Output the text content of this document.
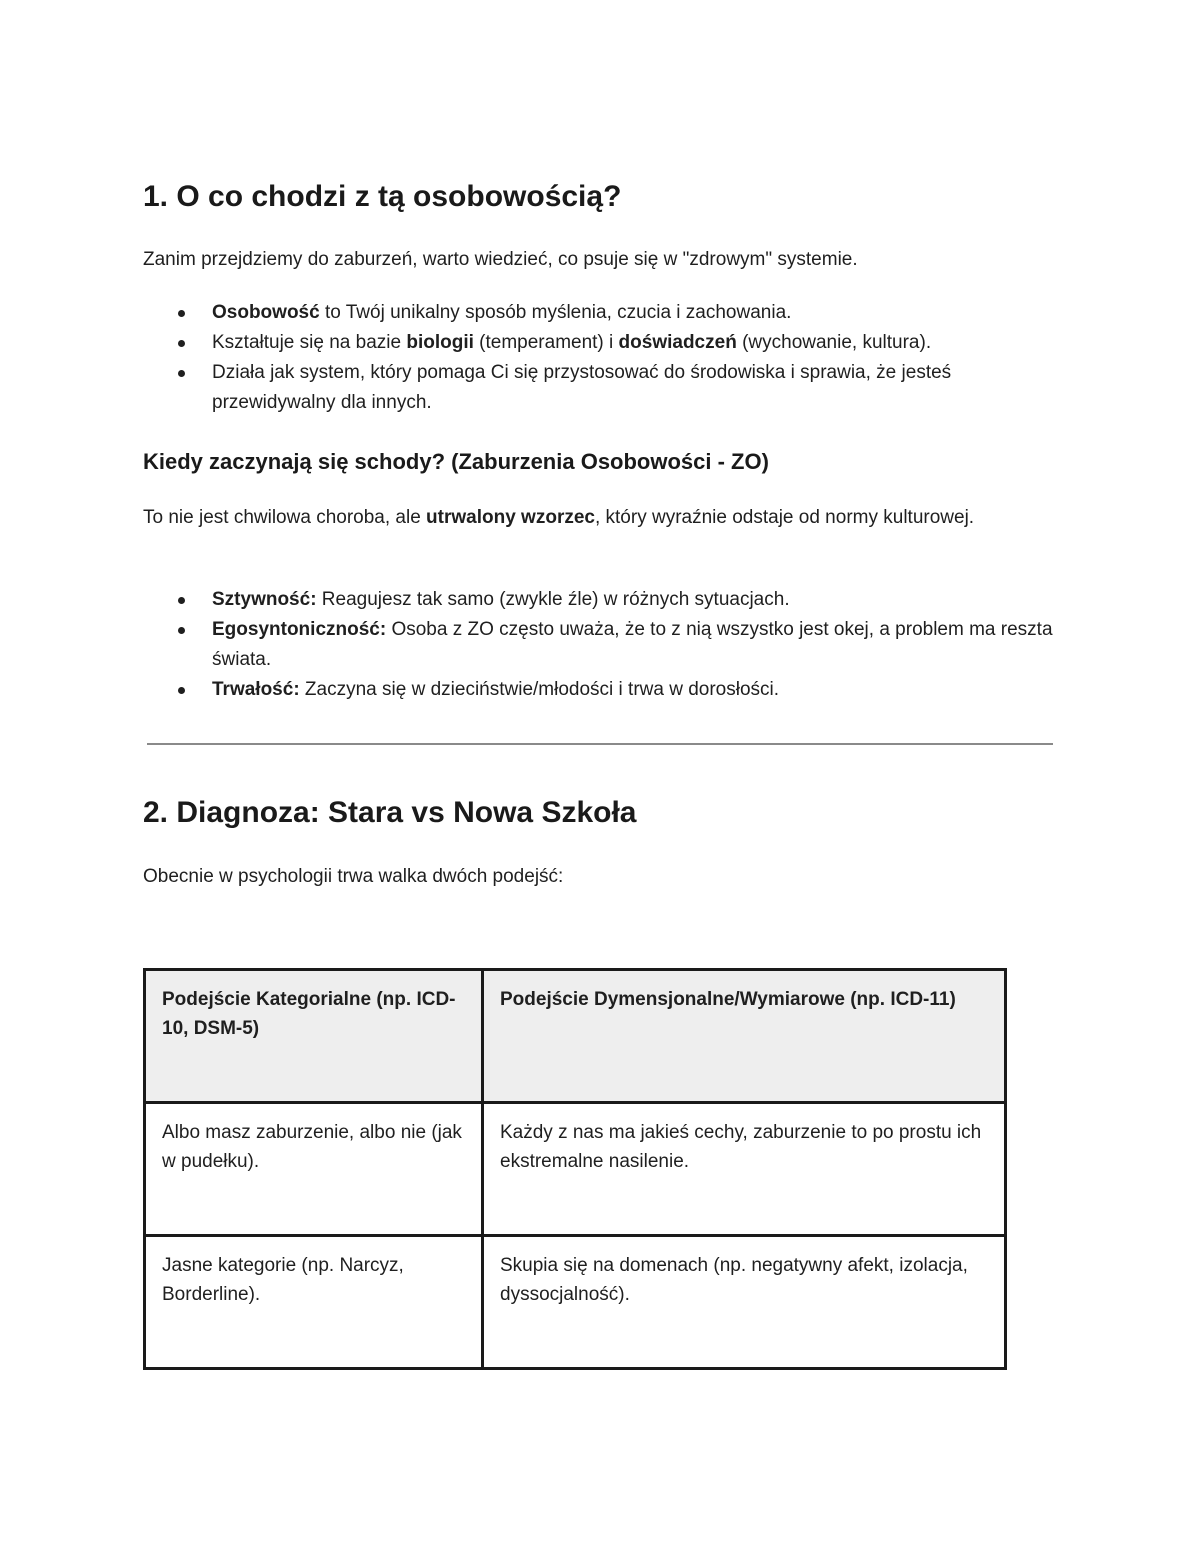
1. O co chodzi z tą osobowością?

Zanim przejdziemy do zaburzeń, warto wiedzieć, co psuje się w "zdrowym" systemie.

Osobowość to Twój unikalny sposób myślenia, czucia i zachowania.
Kształtuje się na bazie biologii (temperament) i doświadczeń (wychowanie, kultura).
Działa jak system, który pomaga Ci się przystosować do środowiska i sprawia, że jesteś przewidywalny dla innych.
Kiedy zaczynają się schody? (Zaburzenia Osobowości - ZO)

To nie jest chwilowa choroba, ale utrwalony wzorzec, który wyraźnie odstaje od normy kulturowej.

Sztywność: Reagujesz tak samo (zwykle źle) w różnych sytuacjach.
Egosyntoniczność: Osoba z ZO często uważa, że to z nią wszystko jest okej, a problem ma reszta świata.
Trwałość: Zaczyna się w dzieciństwie/młodości i trwa w dorosłości.
2. Diagnoza: Stara vs Nowa Szkoła

Obecnie w psychologii trwa walka dwóch podejść:

Podejście Kategorialne (np. ICD-10, DSM-5)	Podejście Dymensjonalne/Wymiarowe (np. ICD-11)
Albo masz zaburzenie, albo nie (jak w pudełku).	Każdy z nas ma jakieś cechy, zaburzenie to po prostu ich ekstremalne nasilenie.
Jasne kategorie (np. Narcyz, Borderline).	Skupia się na domenach (np. negatywny afekt, izolacja, dyssocjalność).
